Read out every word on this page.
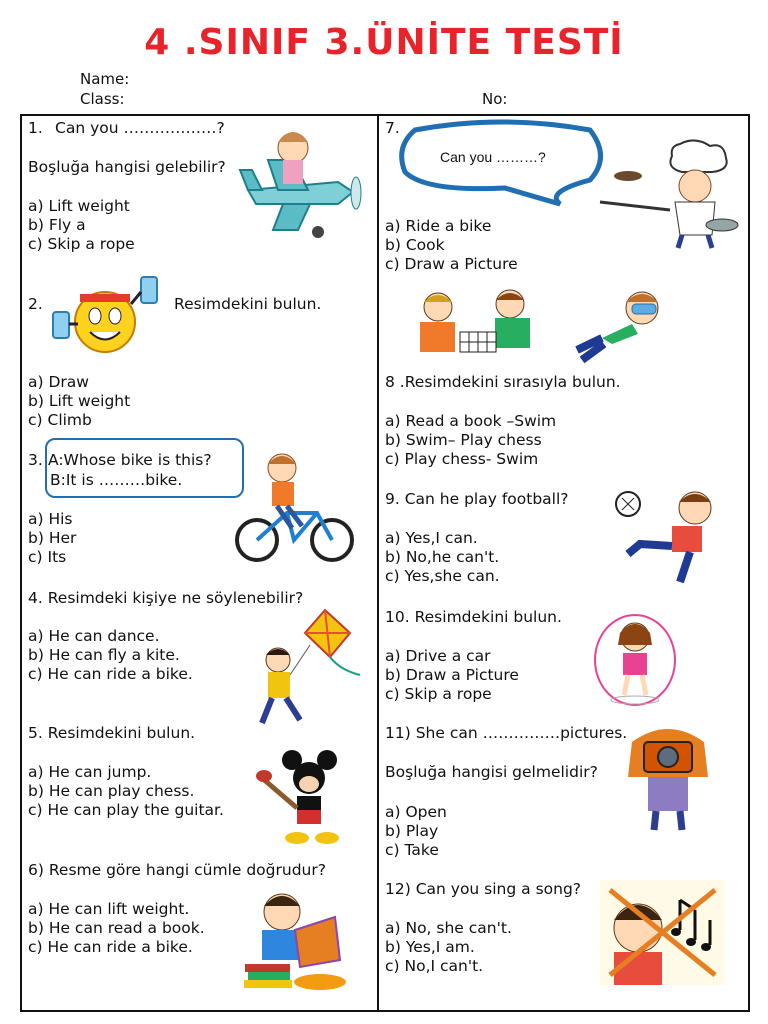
4 .SINIF 3.ÜNİTE TESTİ
Name:
Class:	No:
1. Can you ………………?
Boşluğa hangisi gelebilir?
a) Lift weight
b) Fly a
c) Skip a rope
2.	Resimdekini bulun.
a) Draw
b) Lift weight
c) Climb
3. A:Whose bike is this?
B:It is ………bike.
a) His
b) Her
c) Its
4. Resimdeki kişiye ne söylenebilir?
a) He can dance.
b) He can fly a kite.
c) He can ride a bike.
5. Resimdekini bulun.
a) He can jump.
b) He can play chess.
c) He can play the guitar.
6) Resme göre hangi cümle doğrudur?
a) He can lift weight.
b) He can read a book.
c) He can ride a bike.
7.
Can you ………?
a) Ride a bike
b) Cook
c) Draw a Picture
8 .Resimdekini sırasıyla bulun.
a) Read a book –Swim
b) Swim– Play chess
c) Play chess- Swim
9. Can he play football?
a) Yes,I can.
b) No,he can't.
c) Yes,she can.
10. Resimdekini bulun.
a) Drive a car
b) Draw a Picture
c) Skip a rope
11) She can ……………pictures.
Boşluğa hangisi gelmelidir?
a) Open
b) Play
c) Take
12) Can you sing a song?
a) No, she can't.
b) Yes,I am.
c) No,I can't.
